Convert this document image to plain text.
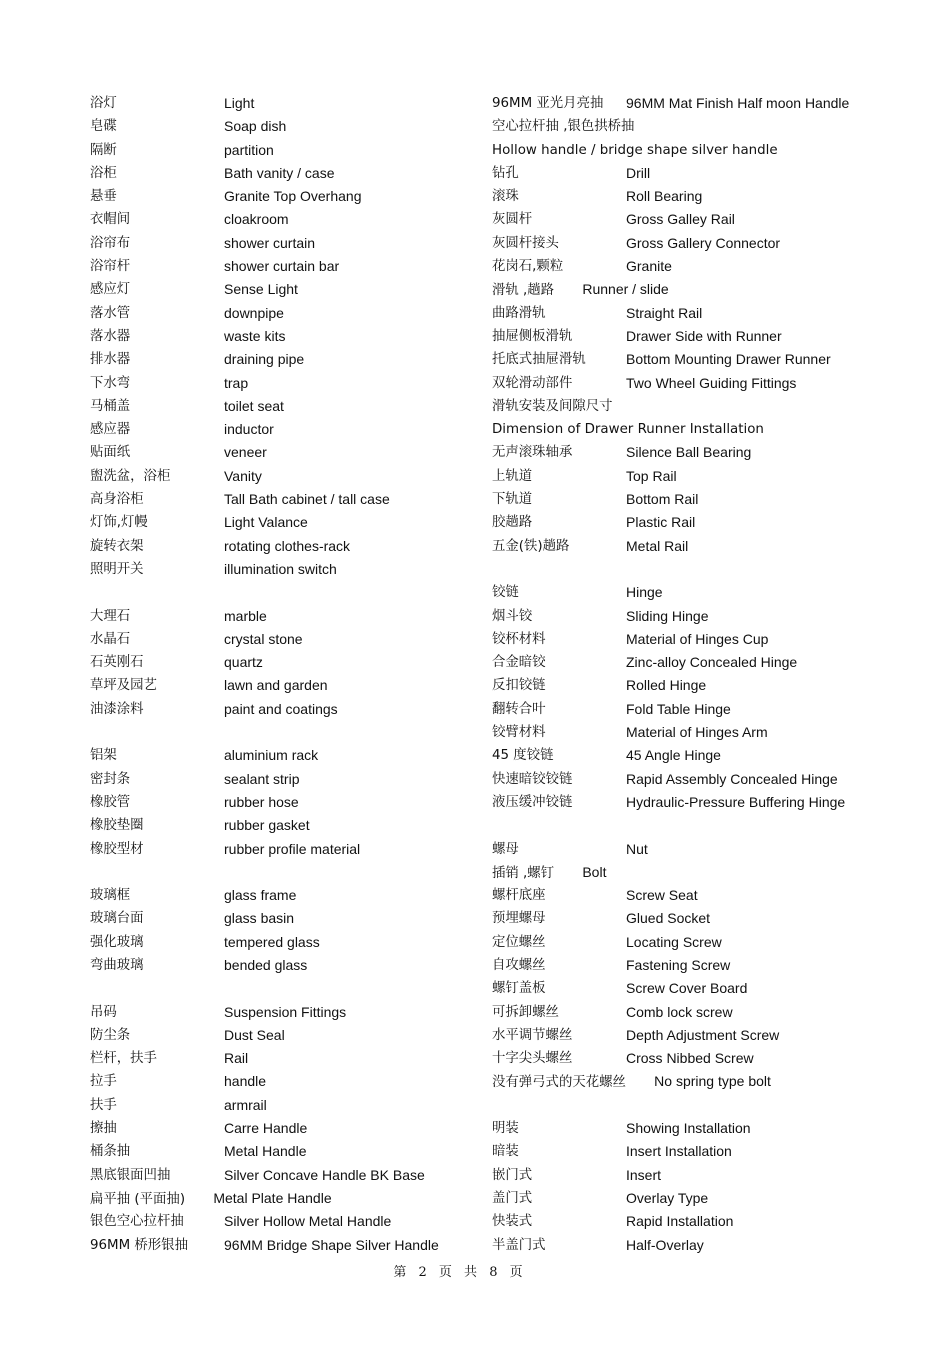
浴灯	Light
皂碟	Soap dish
隔断	partition
浴柜	Bath vanity / case
悬垂	Granite Top Overhang
衣帽间	cloakroom
浴帘布	shower curtain
浴帘杆	shower curtain bar
感应灯	Sense Light
落水管	downpipe
落水器	waste kits
排水器	draining pipe
下水弯	trap
马桶盖	toilet seat
感应器	inductor
贴面纸	veneer
盥洗盆，浴柜	Vanity
高身浴柜	Tall Bath cabinet / tall case
灯饰,灯幔	Light Valance
旋转衣架	rotating clothes-rack
照明开关	illumination switch
大理石	marble
水晶石	crystal stone
石英刚石	quartz
草坪及园艺	lawn and garden
油漆涂料	paint and coatings
铝架	aluminium rack
密封条	sealant strip
橡胶管	rubber hose
橡胶垫圈	rubber gasket
橡胶型材	rubber profile material
玻璃框	glass frame
玻璃台面	glass basin
强化玻璃	tempered glass
弯曲玻璃	bended glass
吊码	Suspension Fittings
防尘条	Dust Seal
栏杆，扶手	Rail
拉手	handle
扶手	armrail
擦抽	Carre Handle
桶条抽	Metal Handle
黑底银面凹抽	Silver Concave Handle BK Base
扁平抽 (平面抽) Metal Plate Handle
银色空心拉杆抽	Silver Hollow Metal Handle
96MM 桥形银抽	96MM Bridge Shape Silver Handle
96MM 亚光月亮抽 96MM Mat Finish Half moon Handle
空心拉杆抽 ,银色拱桥抽
Hollow handle / bridge shape silver handle
钻孔	Drill
滚珠	Roll Bearing
灰圆杆	Gross Galley Rail
灰圆杆接头	Gross Gallery Connector
花岗石,颗粒	Granite
滑轨 ,趟路 Runner / slide
曲路滑轨	Straight Rail
抽屉侧板滑轨	Drawer Side with Runner
托底式抽屉滑轨	Bottom Mounting Drawer Runner
双轮滑动部件	Two Wheel Guiding Fittings
滑轨安装及间隙尺寸
Dimension of Drawer Runner Installation
无声滚珠轴承	Silence Ball Bearing
上轨道	Top Rail
下轨道	Bottom Rail
胶趟路	Plastic Rail
五金(铁)趟路	Metal Rail
铰链	Hinge
烟斗铰	Sliding Hinge
铰杯材料	Material of Hinges Cup
合金暗铰	Zinc-alloy Concealed Hinge
反扣铰链	Rolled Hinge
翻转合叶	Fold Table Hinge
铰臂材料	Material of Hinges Arm
45 度铰链	45 Angle Hinge
快速暗铰铰链	Rapid Assembly Concealed Hinge
液压缓冲铰链	Hydraulic-Pressure Buffering Hinge
螺母	Nut
插销 ,螺钉 Bolt
螺杆底座	Screw Seat
预埋螺母	Glued Socket
定位螺丝	Locating Screw
自攻螺丝	Fastening Screw
螺钉盖板	Screw Cover Board
可拆卸螺丝	Comb lock screw
水平调节螺丝	Depth Adjustment Screw
十字尖头螺丝	Cross Nibbed Screw
没有弹弓式的天花螺丝 No spring type bolt
明装	Showing Installation
暗装	Insert Installation
嵌门式	Insert
盖门式	Overlay Type
快装式	Rapid Installation
半盖门式	Half-Overlay
第 2 页 共 8 页
